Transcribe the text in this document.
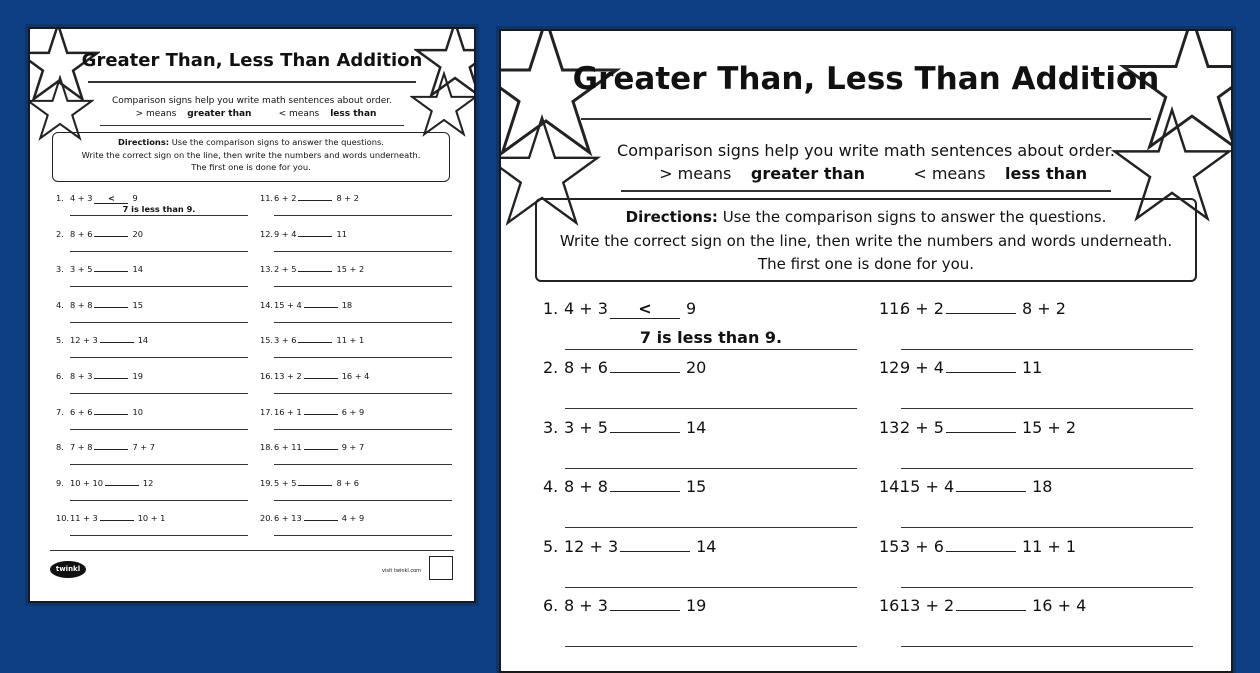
Greater Than, Less Than Addition
Comparison signs help you write math sentences about order.
> means greater than	< means less than
Directions: Use the comparison signs to answer the questions.
Write the correct sign on the line, then write the numbers and words underneath.
The first one is done for you.
1. 4 + 3 < 9
7 is less than 9.
2. 8 + 6	20
3. 3 + 5	14
4. 8 + 8	15
5. 12 + 3	14
6. 8 + 3	19
7. 6 + 6	10
8. 7 + 8	7 + 7
9. 10 + 10	12
10.11 + 3	10 + 1
11.6 + 2	8 + 2
12.9 + 4	11
13.2 + 5	15 + 2
14.15 + 4	18
15.3 + 6	11 + 1
16.13 + 2	16 + 4
17.16 + 1	6 + 9
18.6 + 11	9 + 7
19.5 + 5	8 + 6
20.6 + 13	4 + 9
twinkl	visit twinkl.com
Greater Than, Less Than Addition
Comparison signs help you write math sentences about order.
> means greater than	< means less than
Directions: Use the comparison signs to answer the questions.
Write the correct sign on the line, then write the numbers and words underneath.
The first one is done for you.
1. 4 + 3 < 9
7 is less than 9.
2. 8 + 6	20
3. 3 + 5	14
4. 8 + 8	15
5. 12 + 3	14
6. 8 + 3	19
11.6 + 2	8 + 2
12.9 + 4	11
13.2 + 5	15 + 2
14.15 + 4	18
15.3 + 6	11 + 1
16.13 + 2	16 + 4
